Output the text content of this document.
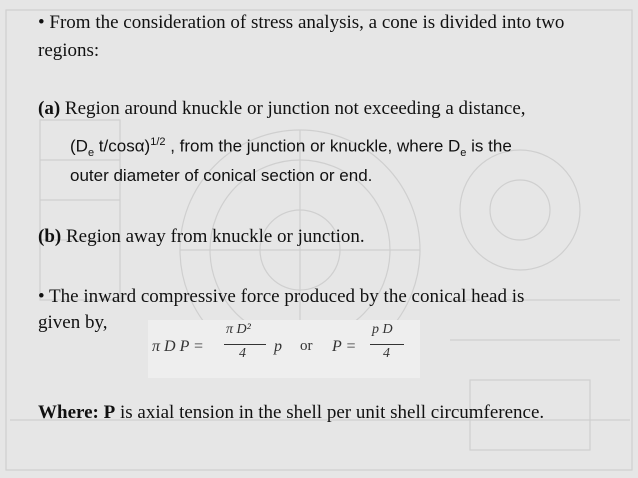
• From the consideration of stress analysis, a cone is divided into two

regions:

(a) Region around knuckle or junction not exceeding a distance,

($D_e$ t/cosα)$^{1/2}$ , from the junction or knuckle, where $D_e$ is the

outer diameter of conical section or end.

(b) Region away from knuckle or junction.

• The inward compressive force produced by the conical head is

given by,

π D P =
π D²
4 p or P =
p D
4

Where: P is axial tension in the shell per unit shell circumference.
